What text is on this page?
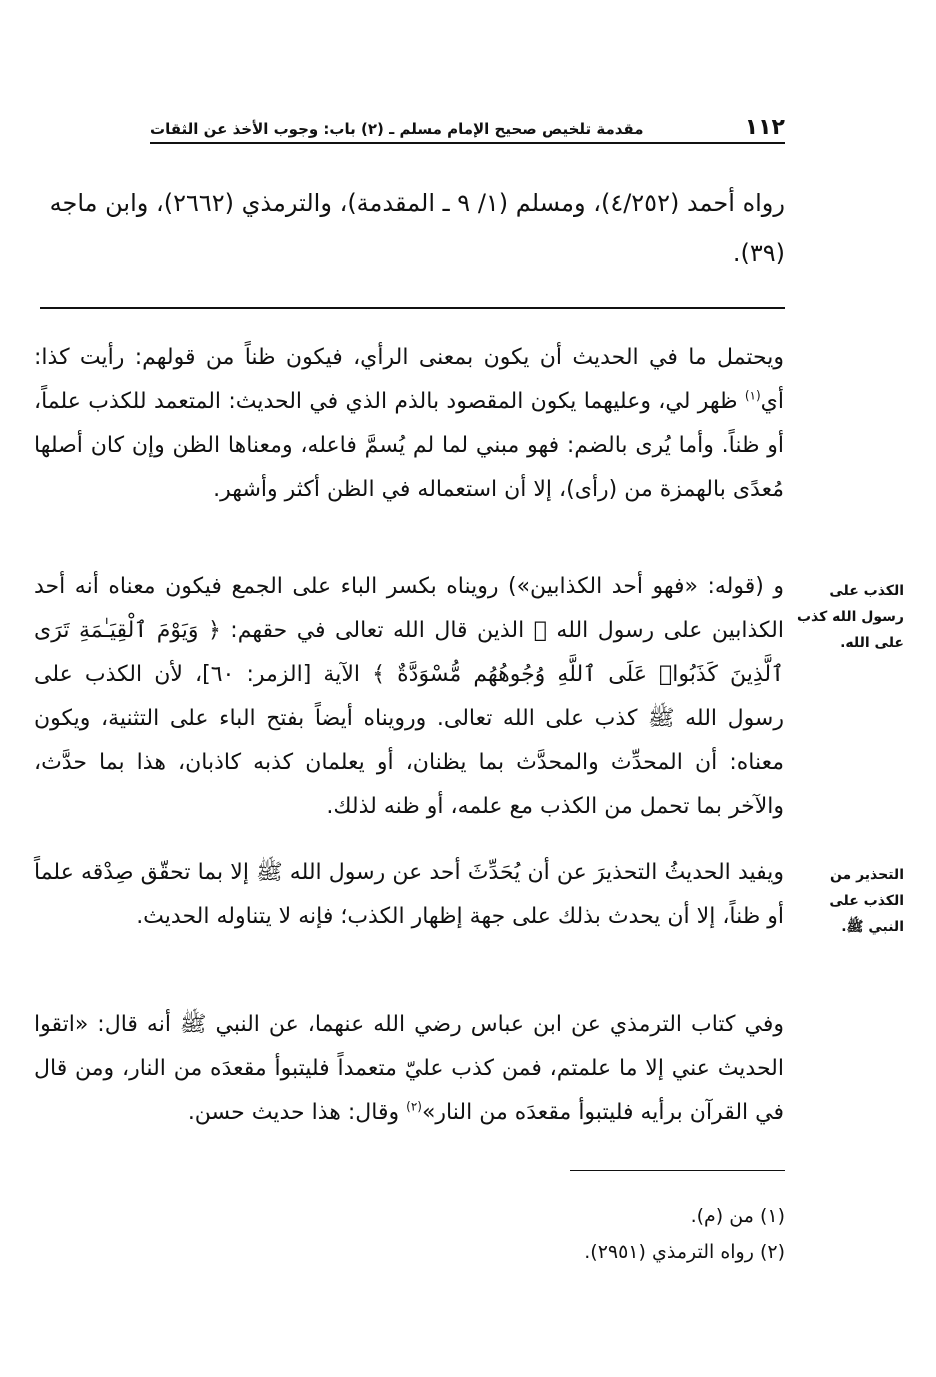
١١٢
مقدمة تلخيص صحيح الإمام مسلم ـ (٢) باب: وجوب الأخذ عن الثقات
رواه أحمد (٤/٢٥٢)، ومسلم (١/ ٩ ـ المقدمة)، والترمذي (٢٦٦٢)، وابن ماجه (٣٩).
ويحتمل ما في الحديث أن يكون بمعنى الرأي، فيكون ظناً من قولهم: رأيت كذا: أي$^{(١)}$ ظهر لي، وعليهما يكون المقصود بالذم الذي في الحديث: المتعمد للكذب علماً، أو ظناً. وأما يُرى بالضم: فهو مبني لما لم يُسمَّ فاعله، ومعناها الظن وإن كان أصلها مُعدًى بالهمزة من (رأى)، إلا أن استعماله في الظن أكثر وأشهر.
الكذب على رسول الله كذب على الله.
و (قوله: «فهو أحد الكذابين») رويناه بكسر الباء على الجمع فيكون معناه أنه أحد الكذابين على رسول الله ﷺ الذين قال الله تعالى في حقهم: ﴿ وَيَوْمَ ٱلْقِيَـٰمَةِ تَرَى ٱلَّذِينَ كَذَبُوا۟ عَلَى ٱللَّهِ وُجُوهُهُم مُّسْوَدَّةٌ ﴾ الآية [الزمر: ٦٠]، لأن الكذب على رسول الله ﷺ كذب على الله تعالى. ورويناه أيضاً بفتح الباء على التثنية، ويكون معناه: أن المحدِّث والمحدَّث بما يظنان، أو يعلمان كذبه كاذبان، هذا بما حدَّث، والآخر بما تحمل من الكذب مع علمه، أو ظنه لذلك.
التحذير من الكذب على النبي ﷺ.
ويفيد الحديثُ التحذيرَ عن أن يُحَدِّثَ أحد عن رسول الله ﷺ إلا بما تحقّق صِدْقه علماً أو ظناً، إلا أن يحدث بذلك على جهة إظهار الكذب؛ فإنه لا يتناوله الحديث.
وفي كتاب الترمذي عن ابن عباس رضي الله عنهما، عن النبي ﷺ أنه قال: «اتقوا الحديث عني إلا ما علمتم، فمن كذب عليّ متعمداً فليتبوأ مقعدَه من النار، ومن قال في القرآن برأيه فليتبوأ مقعدَه من النار»$^{(٢)}$ وقال: هذا حديث حسن.
(١) من (م).
(٢) رواه الترمذي (٢٩٥١).
